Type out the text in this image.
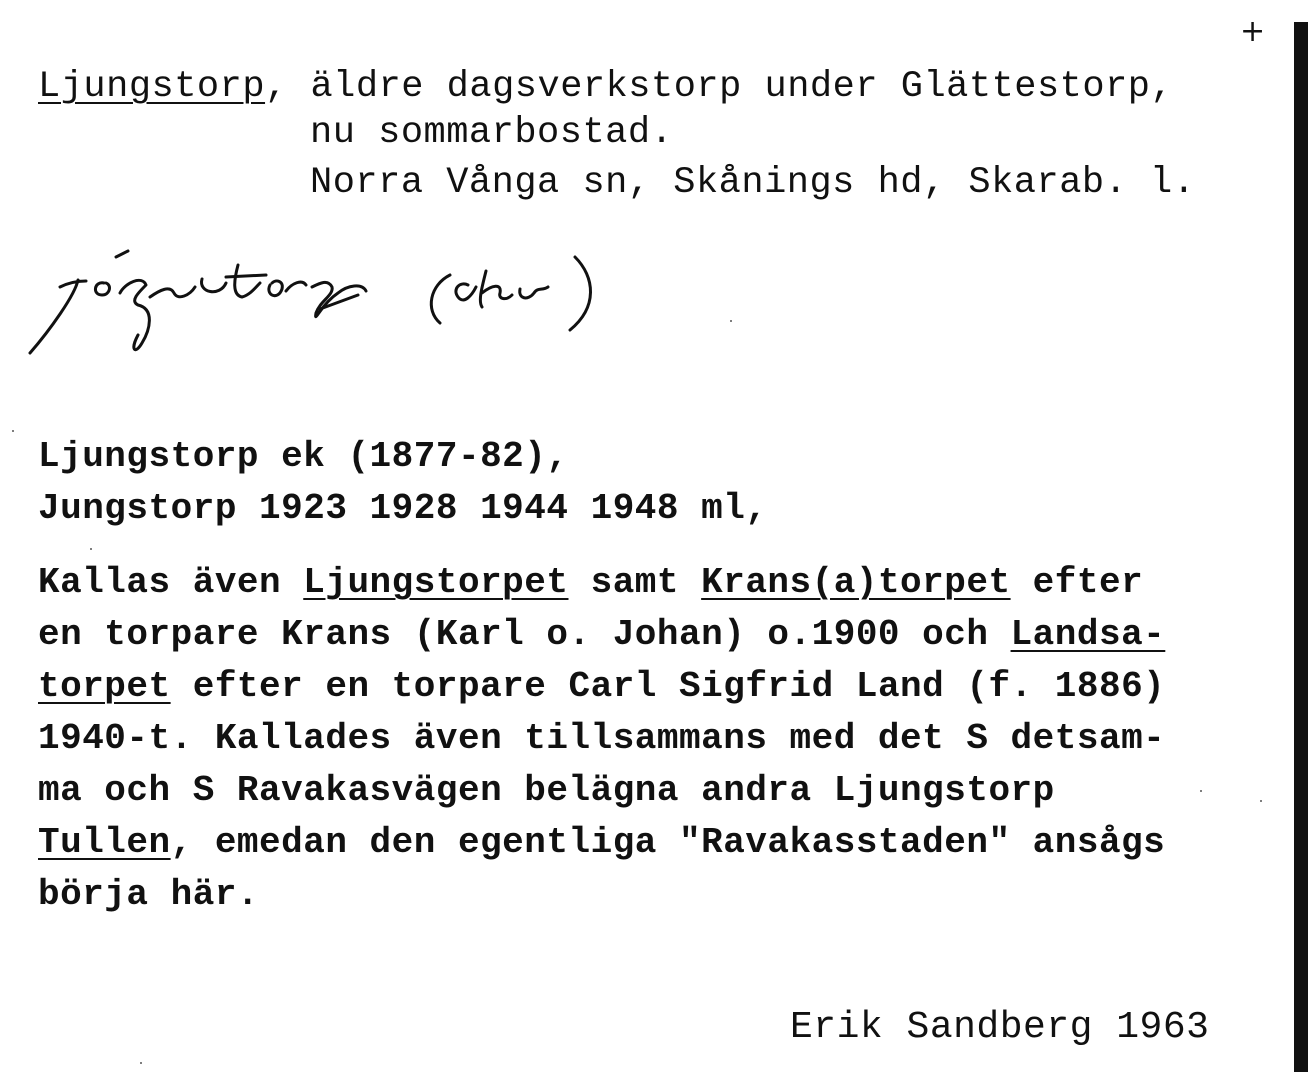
+
Ljungstorp, äldre dagsverkstorp under Glättestorp,
nu sommarbostad.
Norra Vånga sn, Skånings hd, Skarab. l.
Ljungstorp ek (1877-82),
Jungstorp 1923 1928 1944 1948 ml,
Kallas även Ljungstorpet samt Krans(a)torpet efter
en torpare Krans (Karl o. Johan) o.1900 och Landsa-
torpet efter en torpare Carl Sigfrid Land (f. 1886)
1940-t. Kallades även tillsammans med det S detsam-
ma och S Ravakasvägen belägna andra Ljungstorp
Tullen, emedan den egentliga "Ravakasstaden" ansågs
börja här.
Erik Sandberg 1963
